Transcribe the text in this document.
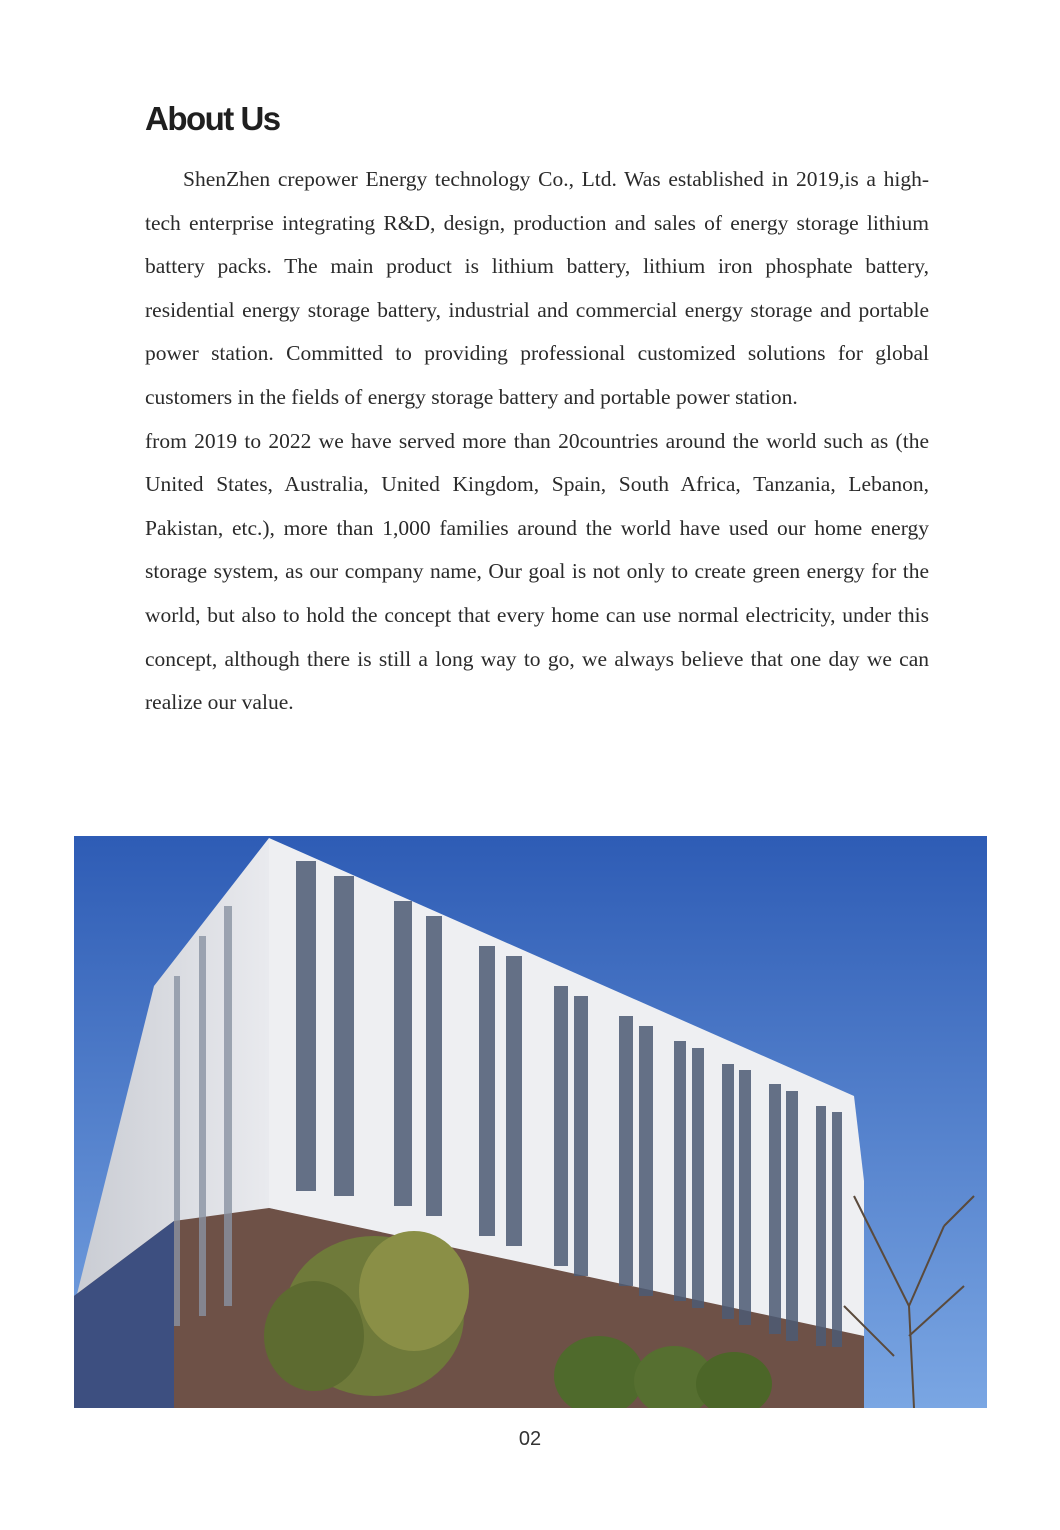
About Us

ShenZhen crepower Energy technology Co., Ltd. Was established in 2019,is a high-tech enterprise integrating R&D, design, production and sales of energy storage lithium battery packs. The main product is lithium battery, lithium iron phosphate battery, residential energy storage battery, industrial and commercial energy storage and portable power station. Committed to providing professional customized solutions for global customers in the fields of energy storage battery and portable power station.

from 2019 to 2022 we have served more than 20countries around the world such as (the United States, Australia, United Kingdom, Spain, South Africa, Tanzania, Lebanon, Pakistan, etc.), more than 1,000 families around the world have used our home energy storage system, as our company name, Our goal is not only to create green energy for the world, but also to hold the concept that every home can use normal electricity, under this concept, although there is still a long way to go, we always believe that one day we can realize our value.

02
